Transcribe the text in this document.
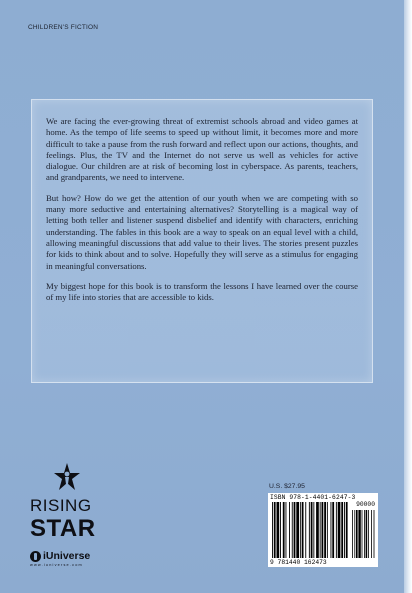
CHILDREN'S FICTION

We are facing the ever-growing threat of extremist schools abroad and video games at home. As the tempo of life seems to speed up without limit, it becomes more and more difficult to take a pause from the rush forward and reflect upon our actions, thoughts, and feelings. Plus, the TV and the Internet do not serve us well as vehicles for active dialogue. Our children are at risk of becoming lost in cyberspace. As parents, teachers, and grandparents, we need to intervene.

But how? How do we get the attention of our youth when we are competing with so many more seductive and entertaining alternatives? Storytelling is a magical way of letting both teller and listener suspend disbelief and identify with characters, enriching understanding. The fables in this book are a way to speak on an equal level with a child, allowing meaningful discussions that add value to their lives. The stories present puzzles for kids to think about and to solve. Hopefully they will serve as a stimulus for engaging in meaningful conversations.

My biggest hope for this book is to transform the lessons I have learned over the course of my life into stories that are accessible to kids.

RISING
STAR
iUniverse
www.iuniverse.com
U.S. $27.95
ISBN 978-1-4401-6247-3
90000
9 781440 162473
